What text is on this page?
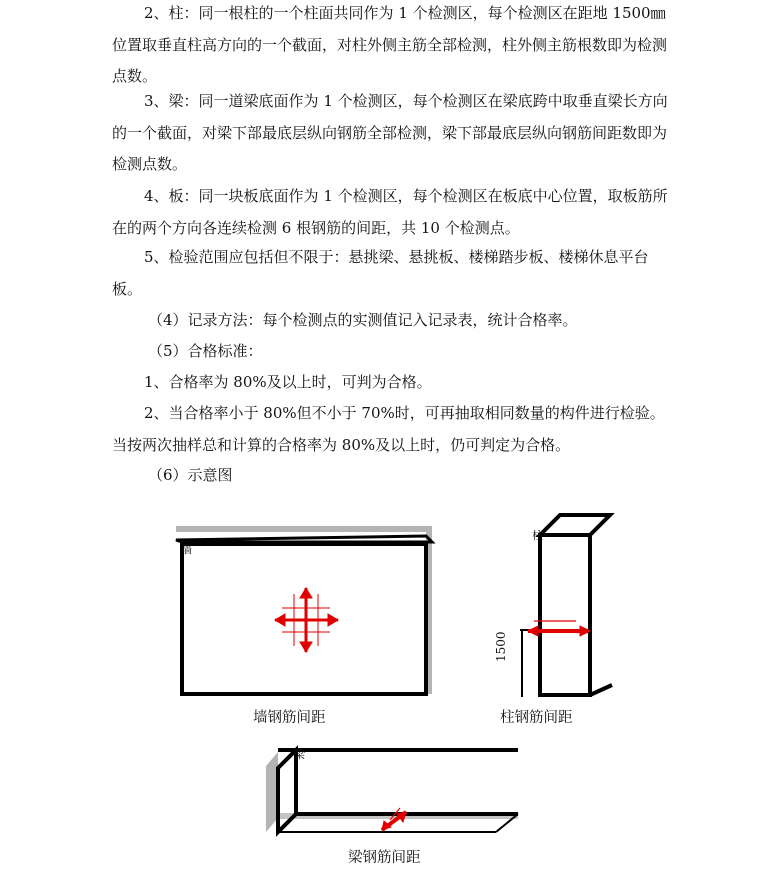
2、柱：同一根柱的一个柱面共同作为 1 个检测区，每个检测区在距地 1500㎜位置取垂直柱高方向的一个截面，对柱外侧主筋全部检测，柱外侧主筋根数即为检测点数。

3、梁：同一道梁底面作为 1 个检测区，每个检测区在梁底跨中取垂直梁长方向的一个截面，对梁下部最底层纵向钢筋全部检测，梁下部最底层纵向钢筋间距数即为检测点数。

4、板：同一块板底面作为 1 个检测区，每个检测区在板底中心位置，取板筋所在的两个方向各连续检测 6 根钢筋的间距，共 10 个检测点。

5、检验范围应包括但不限于：悬挑梁、悬挑板、楼梯踏步板、楼梯休息平台板。

（4）记录方法：每个检测点的实测值记入记录表，统计合格率。

（5）合格标准：

1、合格率为 80%及以上时，可判为合格。

2、当合格率小于 80%但不小于 70%时，可再抽取相同数量的构件进行检验。当按两次抽样总和计算的合格率为 80%及以上时，仍可判定为合格。

（6）示意图

墙
墙钢筋间距
柱
1500
柱钢筋间距
梁
梁钢筋间距
